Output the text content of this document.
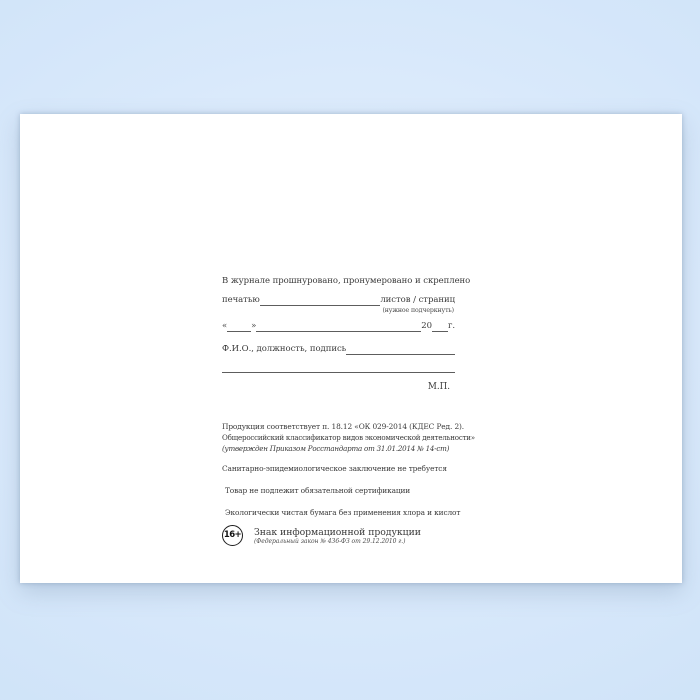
В журнале прошнуровано, пронумеровано и скреплено
печатью	листов / страниц
(нужное подчеркнуть)
«	»	20 г.
Ф.И.О., должность, подпись
М.П.
Продукция соответствует п. 18.12 «ОК 029-2014 (КДЕС Ред. 2).
Общероссийский классификатор видов экономической деятельности»
(утвержден Приказом Росстандарта от 31.01.2014 № 14-ст)
Санитарно-эпидемиологическое заключение не требуется
Товар не подлежит обязательной сертификации
Экологически чистая бумага без применения хлора и кислот
16+ Знак информационной продукции
(Федеральный закон № 436-ФЗ от 29.12.2010 г.)
